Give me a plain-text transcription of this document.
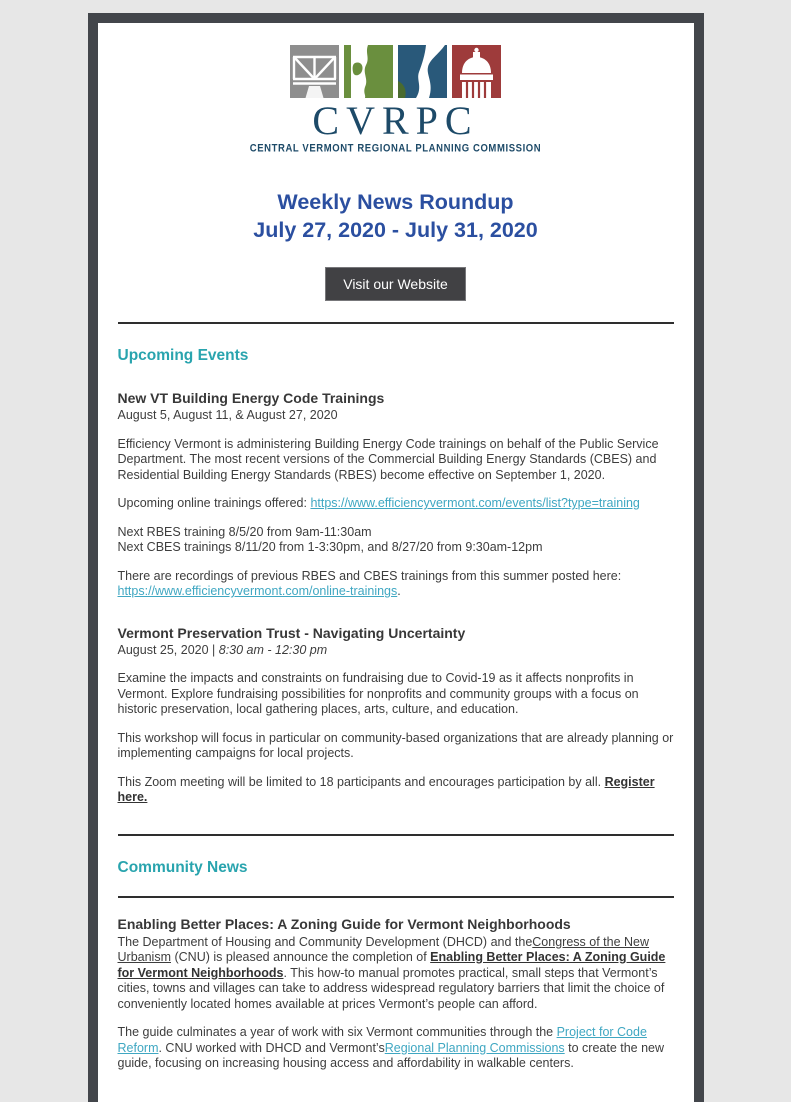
CVRPC
CENTRAL VERMONT REGIONAL PLANNING COMMISSION
Weekly News Roundup
July 27, 2020 - July 31, 2020
Visit our Website
Upcoming Events
New VT Building Energy Code Trainings
August 5, August 11, & August 27, 2020

Efficiency Vermont is administering Building Energy Code trainings on behalf of the Public Service Department. The most recent versions of the Commercial Building Energy Standards (CBES) and Residential Building Energy Standards (RBES) become effective on September 1, 2020.

Upcoming online trainings offered: https://www.efficiencyvermont.com/events/list?type=training

Next RBES training 8/5/20 from 9am-11:30am
Next CBES trainings 8/11/20 from 1-3:30pm, and 8/27/20 from 9:30am-12pm

There are recordings of previous RBES and CBES trainings from this summer posted here:
https://www.efficiencyvermont.com/online-trainings.

Vermont Preservation Trust - Navigating Uncertainty
August 25, 2020 | 8:30 am - 12:30 pm

Examine the impacts and constraints on fundraising due to Covid-19 as it affects nonprofits in Vermont. Explore fundraising possibilities for nonprofits and community groups with a focus on historic preservation, local gathering places, arts, culture, and education.

This workshop will focus in particular on community-based organizations that are already planning or implementing campaigns for local projects.

This Zoom meeting will be limited to 18 participants and encourages participation by all. Register here.

Community News
Enabling Better Places: A Zoning Guide for Vermont Neighborhoods

The Department of Housing and Community Development (DHCD) and theCongress of the New Urbanism (CNU) is pleased announce the completion of Enabling Better Places: A Zoning Guide for Vermont Neighborhoods. This how-to manual promotes practical, small steps that Vermont’s cities, towns and villages can take to address widespread regulatory barriers that limit the choice of conveniently located homes available at prices Vermont’s people can afford.

The guide culminates a year of work with six Vermont communities through the Project for Code Reform. CNU worked with DHCD and Vermont’sRegional Planning Commissions to create the new guide, focusing on increasing housing access and affordability in walkable centers.
